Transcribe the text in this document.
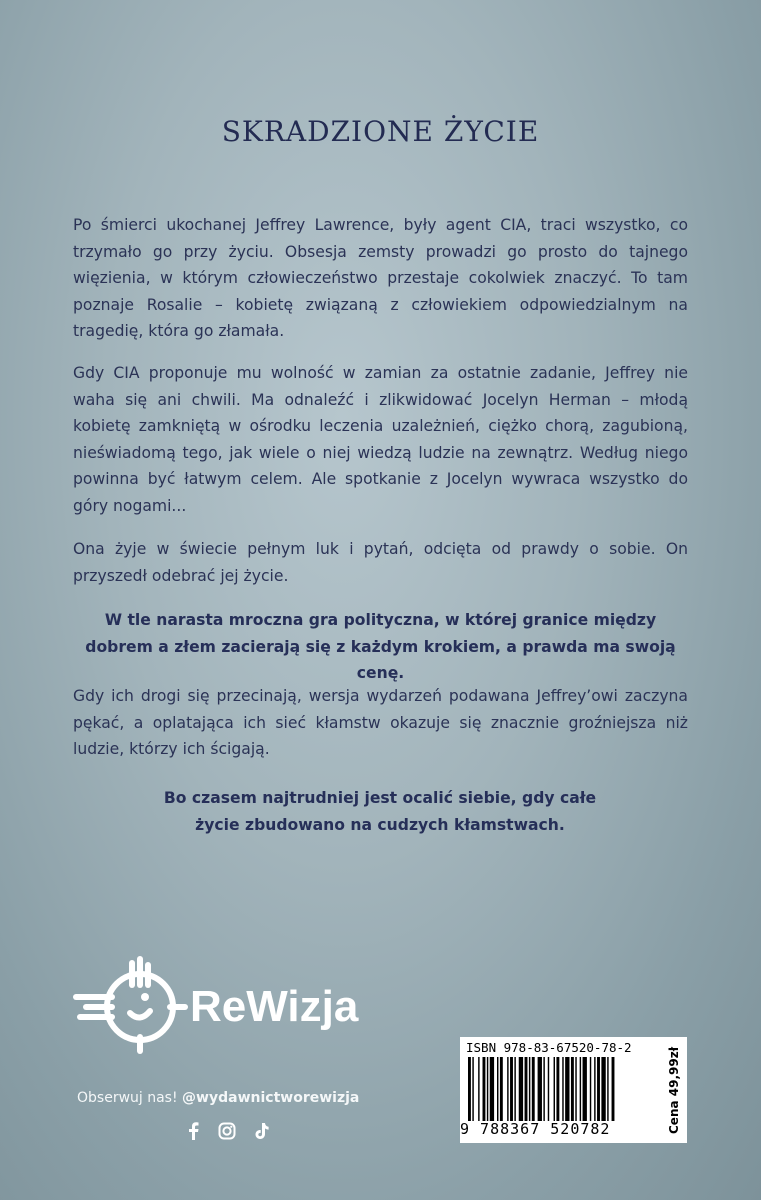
SKRADZIONE ŻYCIE

Po śmierci ukochanej Jeffrey Lawrence, były agent CIA, traci wszystko, co trzymało go przy życiu. Obsesja zemsty prowadzi go prosto do tajnego więzienia, w którym człowieczeństwo przestaje cokolwiek znaczyć. To tam poznaje Rosalie – kobietę związaną z człowiekiem odpowiedzialnym na tragedię, która go złamała.

Gdy CIA proponuje mu wolność w zamian za ostatnie zadanie, Jeffrey nie waha się ani chwili. Ma odnaleźć i zlikwidować Jocelyn Herman – młodą kobietę zamkniętą w ośrodku leczenia uzależnień, ciężko chorą, zagubioną, nieświadomą tego, jak wiele o niej wiedzą ludzie na zewnątrz. Według niego powinna być łatwym celem. Ale spotkanie z Jocelyn wywraca wszystko do góry nogami...

Ona żyje w świecie pełnym luk i pytań, odcięta od prawdy o sobie. On przyszedł odebrać jej życie.

W tle narasta mroczna gra polityczna, w której granice między dobrem a złem zacierają się z każdym krokiem, a prawda ma swoją cenę.

Gdy ich drogi się przecinają, wersja wydarzeń podawana Jeffrey’owi zaczyna pękać, a oplatająca ich sieć kłamstw okazuje się znacznie groźniejsza niż ludzie, którzy ich ścigają.

Bo czasem najtrudniej jest ocalić siebie, gdy całe życie zbudowano na cudzych kłamstwach.

ReWizja
Obserwuj nas! @wydawnictworewizja
ISBN 978-83-67520-78-2
9 788367 520782	Cena 49,99zł
